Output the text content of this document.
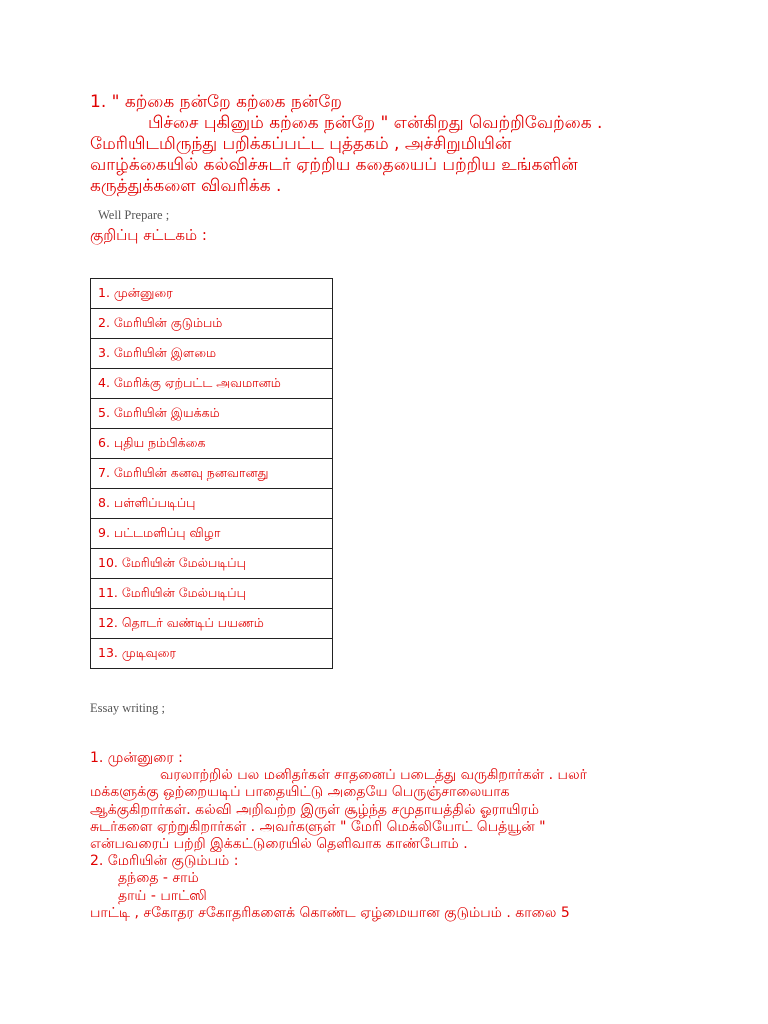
1. " கற்கை நன்றே கற்கை நன்றே

பிச்சை புகினும் கற்கை நன்றே " என்கிறது வெற்றிவேற்கை .

மேரியிடமிருந்து பறிக்கப்பட்ட புத்தகம் , அச்சிறுமியின்

வாழ்க்கையில் கல்விச்சுடர் ஏற்றிய கதையைப் பற்றிய உங்களின்

கருத்துக்களை விவரிக்க .

Well Prepare ;
குறிப்பு சட்டகம் :
1. முன்னுரை
2. மேரியின் குடும்பம்
3. மேரியின் இளமை
4. மேரிக்கு ஏற்பட்ட அவமானம்
5. மேரியின் இயக்கம்
6. புதிய நம்பிக்கை
7. மேரியின் கனவு நனவானது
8. பள்ளிப்படிப்பு
9. பட்டமளிப்பு விழா
10. மேரியின் மேல்படிப்பு
11. மேரியின் மேல்படிப்பு
12. தொடர் வண்டிப் பயணம்
13. முடிவுரை
Essay writing ;

1. முன்னுரை :

வரலாற்றில் பல மனிதர்கள் சாதனைப் படைத்து வருகிறார்கள் . பலர்

மக்களுக்கு ஒற்றையடிப் பாதையிட்டு அதையே பெருஞ்சாலையாக

ஆக்குகிறார்கள். கல்வி அறிவற்ற இருள் சூழ்ந்த சமுதாயத்தில் ஓராயிரம்

சுடர்களை ஏற்றுகிறார்கள் . அவர்களுள் " மேரி மெக்லியோட் பெத்யூன் "

என்பவரைப் பற்றி இக்கட்டுரையில் தெளிவாக காண்போம் .

2. மேரியின் குடும்பம் :

தந்தை - சாம்

தாய் - பாட்ஸி

பாட்டி , சகோதர சகோதரிகளைக் கொண்ட ஏழ்மையான குடும்பம் . காலை 5
